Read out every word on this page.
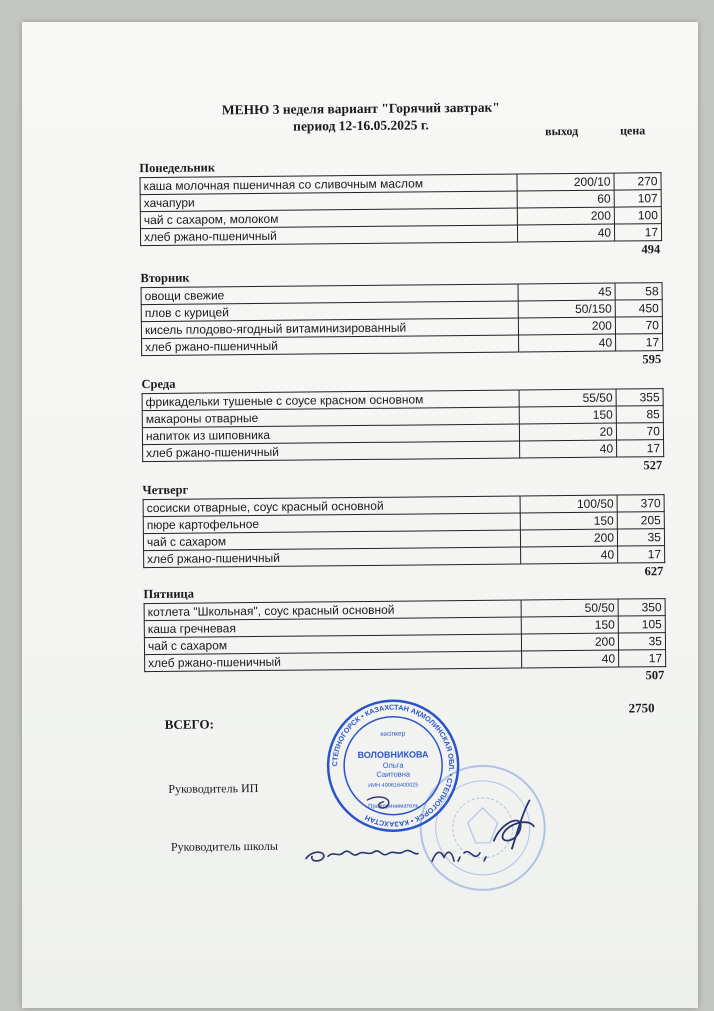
МЕНЮ 3 неделя вариант "Горячий завтрак"
период 12-16.05.2025 г.	выход	цена
Понедельник
каша молочная пшеничная со сливочным маслом	200/10	270
хачапури	60	107
чай с сахаром, молоком	200	100
хлеб ржано-пшеничный	40	17
494
Вторник
овощи свежие	45	58
плов с курицей	50/150	450
кисель плодово-ягодный витаминизированный	200	70
хлеб ржано-пшеничный	40	17
595
Среда
фрикадельки тушеные с соусе красном основном	55/50	355
макароны отварные	150	85
напиток из шиповника	20	70
хлеб ржано-пшеничный	40	17
527
Четверг
сосиски отварные, соус красный основной	100/50	370
пюре картофельное	150	205
чай с сахаром	200	35
хлеб ржано-пшеничный	40	17
627
Пятница
котлета "Школьная", соус красный основной	50/50	350
каша гречневая	150	105
чай с сахаром	200	35
хлеб ржано-пшеничный	40	17
507
ВСЕГО:
2750
Руководитель ИП
Руководитель школы
СТЕПНОГОРСК • КАЗАХСТАН АҚМОЛИНСКАЯ ОБЛ. • СТЕПНОГОРСК • КАЗАХСТАН
кәсіпкер
ВОЛОВНИКОВА
Ольга
Саитовна
ИИН 490616400025
Предприниматель
